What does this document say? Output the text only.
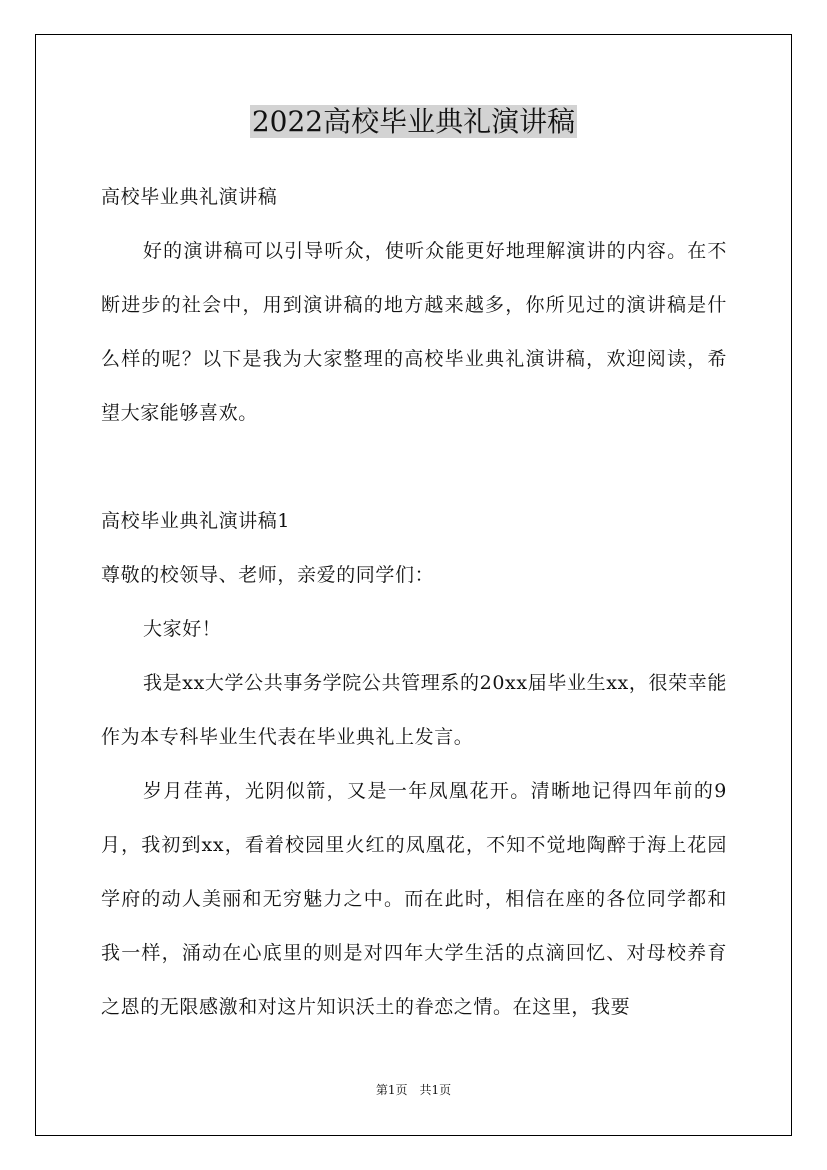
2022高校毕业典礼演讲稿

高校毕业典礼演讲稿

好的演讲稿可以引导听众，使听众能更好地理解演讲的内容。在不断进步的社会中，用到演讲稿的地方越来越多，你所见过的演讲稿是什么样的呢？以下是我为大家整理的高校毕业典礼演讲稿，欢迎阅读，希望大家能够喜欢。

高校毕业典礼演讲稿1

尊敬的校领导、老师，亲爱的同学们：

大家好！

我是xx大学公共事务学院公共管理系的20xx届毕业生xx，很荣幸能作为本专科毕业生代表在毕业典礼上发言。

岁月荏苒，光阴似箭，又是一年凤凰花开。清晰地记得四年前的9月，我初到xx，看着校园里火红的凤凰花，不知不觉地陶醉于海上花园学府的动人美丽和无穷魅力之中。而在此时，相信在座的各位同学都和我一样，涌动在心底里的则是对四年大学生活的点滴回忆、对母校养育之恩的无限感激和对这片知识沃土的眷恋之情。在这里，我要

第1页　共1页
